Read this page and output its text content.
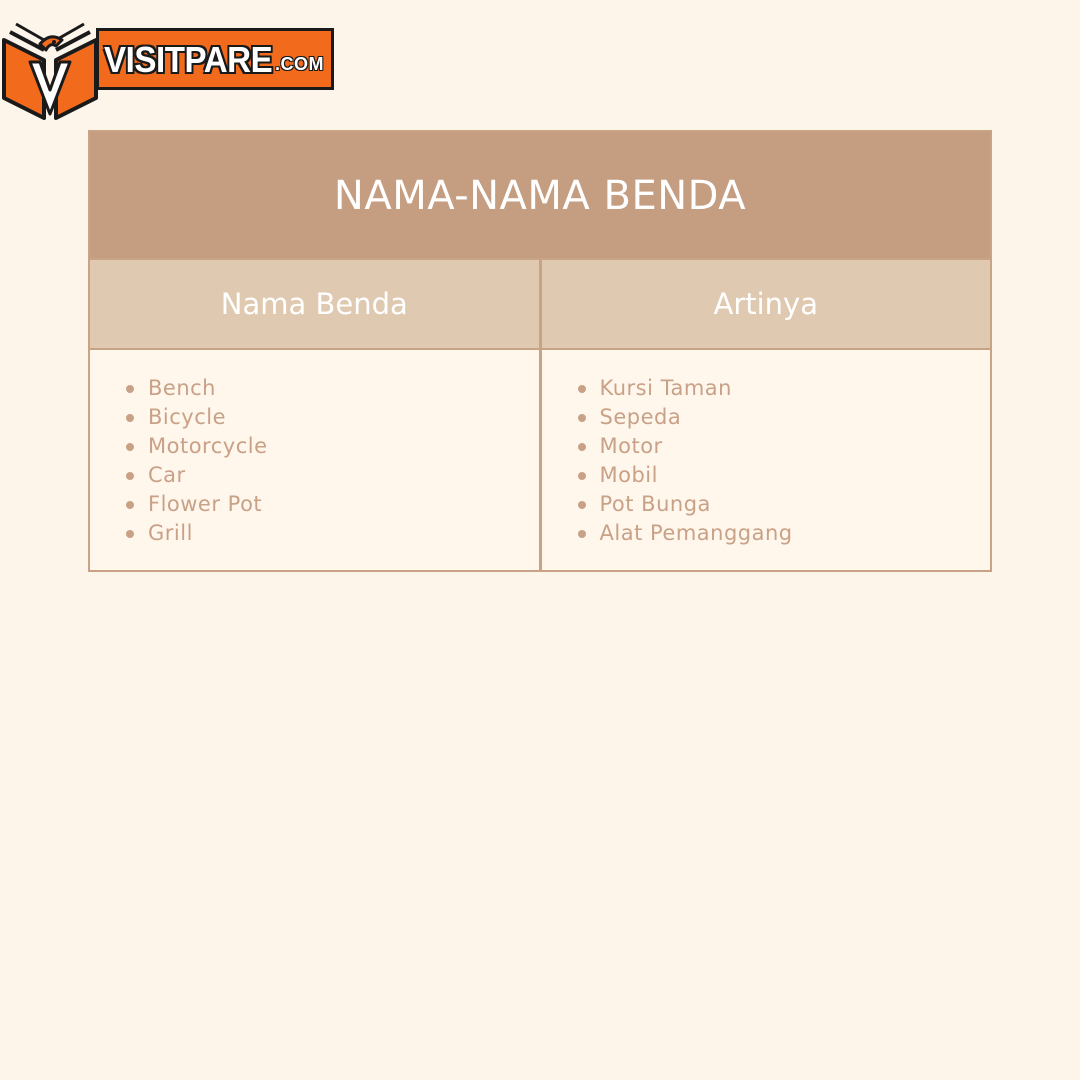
VISITPARE .COM
NAMA-NAMA BENDA
Nama Benda	Artinya
Bench
Bicycle
Motorcycle
Car
Flower Pot
Grill
Kursi Taman
Sepeda
Motor
Mobil
Pot Bunga
Alat Pemanggang
